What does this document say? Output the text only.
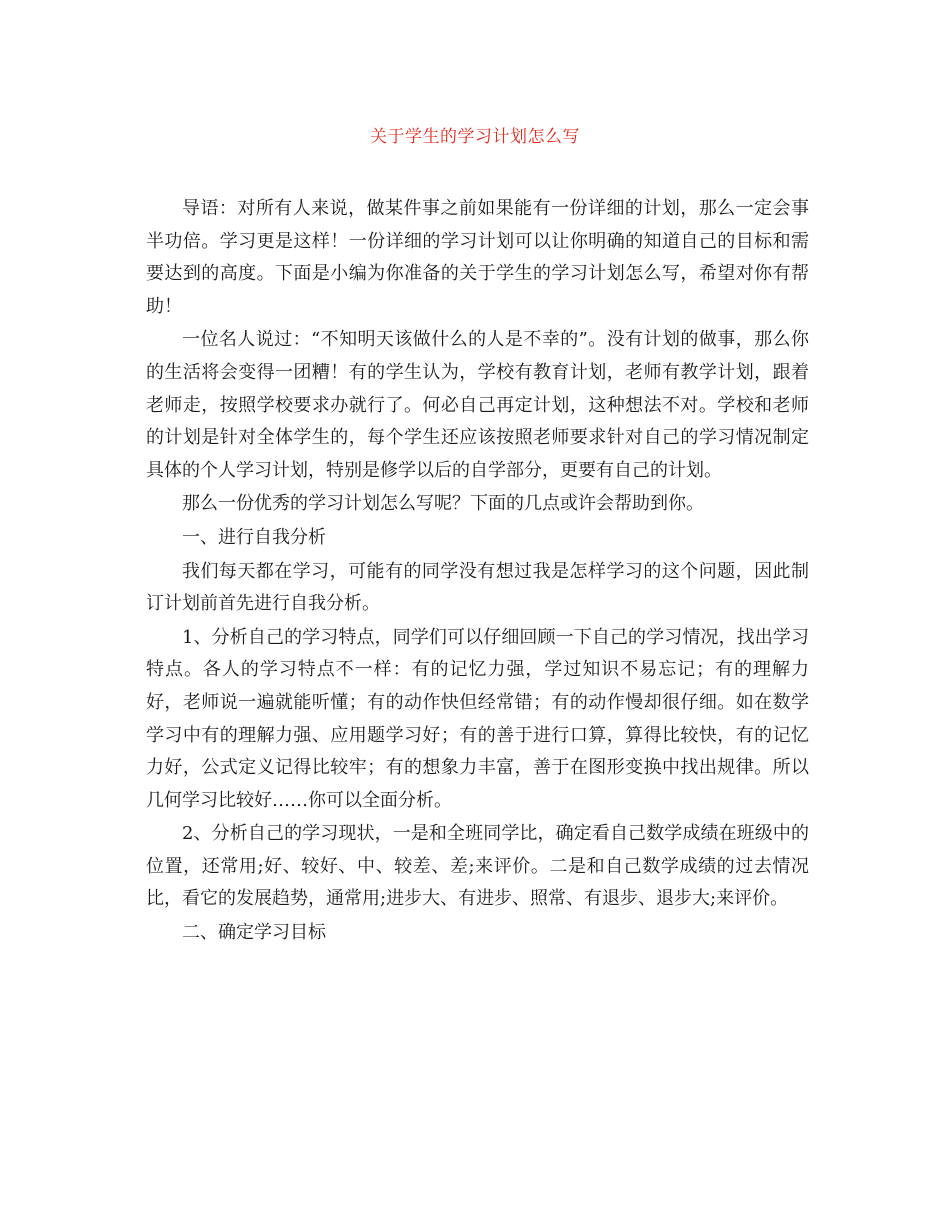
关于学生的学习计划怎么写

导语：对所有人来说，做某件事之前如果能有一份详细的计划，那么一定会事半功倍。学习更是这样！一份详细的学习计划可以让你明确的知道自己的目标和需要达到的高度。下面是小编为你准备的关于学生的学习计划怎么写，希望对你有帮助！

一位名人说过：“不知明天该做什么的人是不幸的”。没有计划的做事，那么你的生活将会变得一团糟！有的学生认为，学校有教育计划，老师有教学计划，跟着老师走，按照学校要求办就行了。何必自己再定计划，这种想法不对。学校和老师的计划是针对全体学生的，每个学生还应该按照老师要求针对自己的学习情况制定具体的个人学习计划，特别是修学以后的自学部分，更要有自己的计划。

那么一份优秀的学习计划怎么写呢？下面的几点或许会帮助到你。

一、进行自我分析

我们每天都在学习，可能有的同学没有想过我是怎样学习的这个问题，因此制订计划前首先进行自我分析。

1、分析自己的学习特点，同学们可以仔细回顾一下自己的学习情况，找出学习特点。各人的学习特点不一样：有的记忆力强，学过知识不易忘记；有的理解力好，老师说一遍就能听懂；有的动作快但经常错；有的动作慢却很仔细。如在数学学习中有的理解力强、应用题学习好；有的善于进行口算，算得比较快，有的记忆力好，公式定义记得比较牢；有的想象力丰富，善于在图形变换中找出规律。所以几何学习比较好……你可以全面分析。

2、分析自己的学习现状，一是和全班同学比，确定看自己数学成绩在班级中的位置，还常用;好、较好、中、较差、差;来评价。二是和自己数学成绩的过去情况比，看它的发展趋势，通常用;进步大、有进步、照常、有退步、退步大;来评价。

二、确定学习目标
